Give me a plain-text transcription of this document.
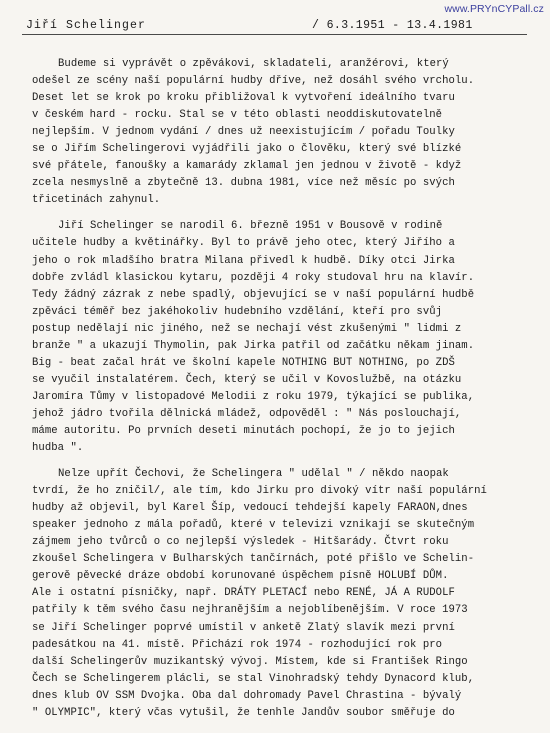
www.PRYnCYPall.cz
Jiří Schelinger	/ 6.3.1951 - 13.4.1981
Budeme si vyprávět o zpěvákovi, skladateli, aranžérovi, který
odešel ze scény naší populární hudby dříve, než dosáhl svého vrcholu.
Deset let se krok po kroku přibližoval k vytvoření ideálního tvaru
v českém hard - rocku. Stal se v této oblasti neoddiskutovatelně
nejlepším. V jednom vydání / dnes už neexistujícím / pořadu Toulky
se o Jiřím Schelingerovi vyjádřili jako o člověku, který své blízké
své přátele, fanoušky a kamarády zklamal jen jednou v životě - když
zcela nesmyslně a zbytečně 13. dubna 1981, více než měsíc po svých
třicetinách zahynul.
Jiří Schelinger se narodil 6. březně 1951 v Bousově v rodině
učitele hudby a květinářky. Byl to právě jeho otec, který Jiřího a
jeho o rok mladšího bratra Milana přivedl k hudbě. Díky otci Jirka
dobře zvládl klasickou kytaru, později 4 roky studoval hru na klavír.
Tedy žádný zázrak z nebe spadlý, objevující se v naší populární hudbě
zpěváci téměř bez jakéhokoliv hudebního vzdělání, kteří pro svůj
postup nedělají nic jiného, než se nechají vést zkušenými " lidmi z
branže " a ukazují Thymolin, pak Jirka patřil od začátku někam jinam.
Big - beat začal hrát ve školní kapele NOTHING BUT NOTHING, po ZDŠ
se vyučil instalatérem. Čech, který se učil v Kovoslužbě, na otázku
Jaromíra Tůmy v listopadové Melodii z roku 1979, týkající se publika,
jehož jádro tvořila dělnická mládež, odpověděl : " Nás poslouchají,
máme autoritu. Po prvních deseti minutách pochopí, že jo to jejich
hudba ".
Nelze upřít Čechovi, že Schelingera " udělal " / někdo naopak
tvrdí, že ho zničil/, ale tím, kdo Jirku pro divoký vítr naší populární
hudby až objevil, byl Karel Šíp, vedoucí tehdejší kapely FARAON,dnes
speaker jednoho z mála pořadů, které v televizi vznikají se skutečným
zájmem jeho tvůrců o co nejlepší výsledek - Hitšarády. Čtvrt roku
zkoušel Schelingera v Bulharských tančírnách, poté přišlo ve Schelin-
gerově pěvecké dráze období korunované úspěchem písně HOLUBÍ DŮM.
Ale i ostatní písničky, např. DRÁTY PLETACÍ nebo RENÉ, JÁ A RUDOLF
patřily k těm svého času nejhranějším a nejoblíbenějším. V roce 1973
se Jiří Schelinger poprvé umístil v anketě Zlatý slavík mezi první
padesátkou na 41. místě. Přichází rok 1974 - rozhodující rok pro
další Schelingerův muzikantský vývoj. Místem, kde si František Ringo
Čech se Schelingerem plácli, se stal Vinohradský tehdy Dynacord klub,
dnes klub OV SSM Dvojka. Oba dal dohromady Pavel Chrastina - bývalý
" OLYMPIC", který včas vytušil, že tenhle Jandův soubor směřuje do
